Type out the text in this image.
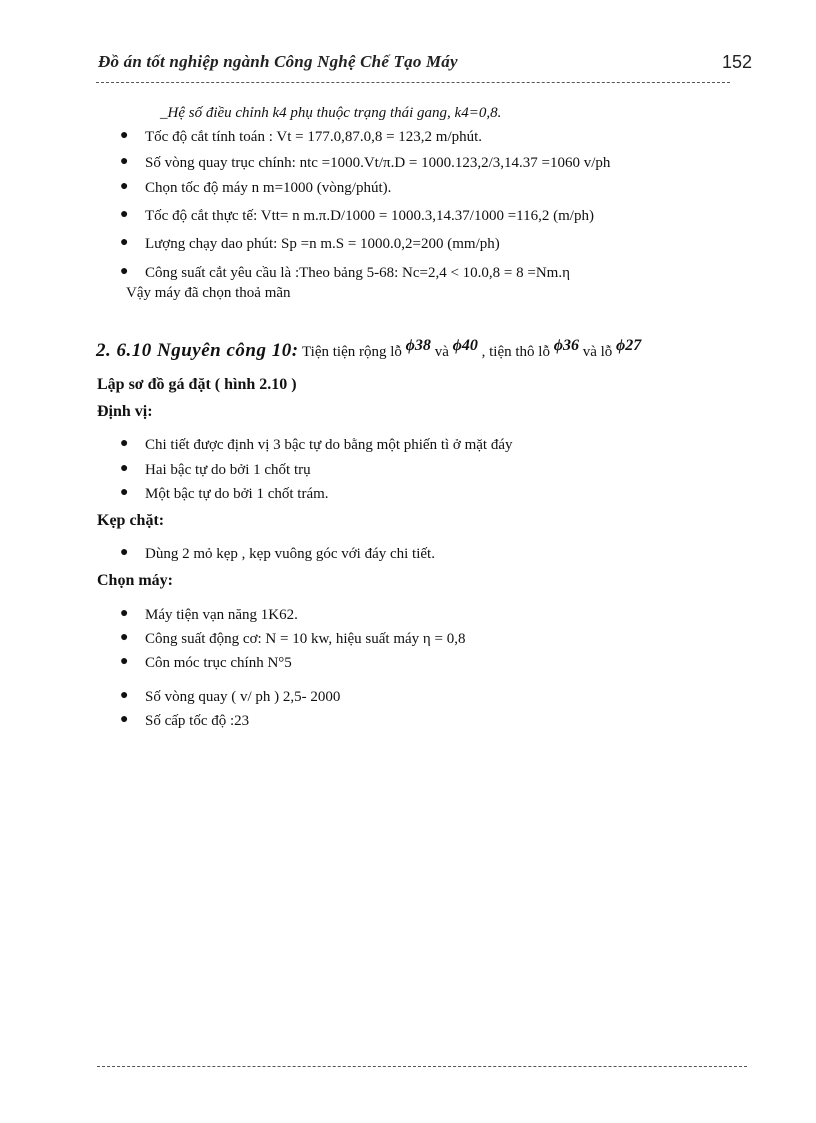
Đồ án tốt nghiệp ngành Công Nghệ Chế Tạo Máy	152
_Hệ số điều chỉnh k4 phụ thuộc trạng thái gang, k4=0,8.
● Tốc độ cắt tính toán : Vt = 177.0,87.0,8 = 123,2 m/phút.
● Số vòng quay trục chính: ntc =1000.Vt/π.D = 1000.123,2/3,14.37 =1060 v/ph
● Chọn tốc độ máy n m=1000 (vòng/phút).
● Tốc độ cắt thực tế: Vtt= n m.π.D/1000 = 1000.3,14.37/1000 =116,2 (m/ph)
● Lượng chạy dao phút: Sp =n m.S = 1000.0,2=200 (mm/ph)
● Công suất cắt yêu cầu là :Theo bảng 5-68: Nc=2,4 < 10.0,8 = 8 =Nm.η
Vậy máy đã chọn thoả mãn
2. 6.10 Nguyên công 10: Tiện tiện rộng lỗ ϕ38 và ϕ40 , tiện thô lỗ ϕ36 và lỗ ϕ27
Lập sơ đồ gá đặt ( hình 2.10 )
Định vị:
● Chi tiết được định vị 3 bậc tự do bằng một phiến tì ở mặt đáy
● Hai bậc tự do bởi 1 chốt trụ
● Một bậc tự do bởi 1 chốt trám.
Kẹp chặt:
● Dùng 2 mỏ kẹp , kẹp vuông góc với đáy chi tiết.
Chọn máy:
● Máy tiện vạn năng 1K62.
● Công suất động cơ: N = 10 kw, hiệu suất máy η = 0,8
● Côn móc trục chính N°5
● Số vòng quay ( v/ ph ) 2,5- 2000
● Số cấp tốc độ :23
